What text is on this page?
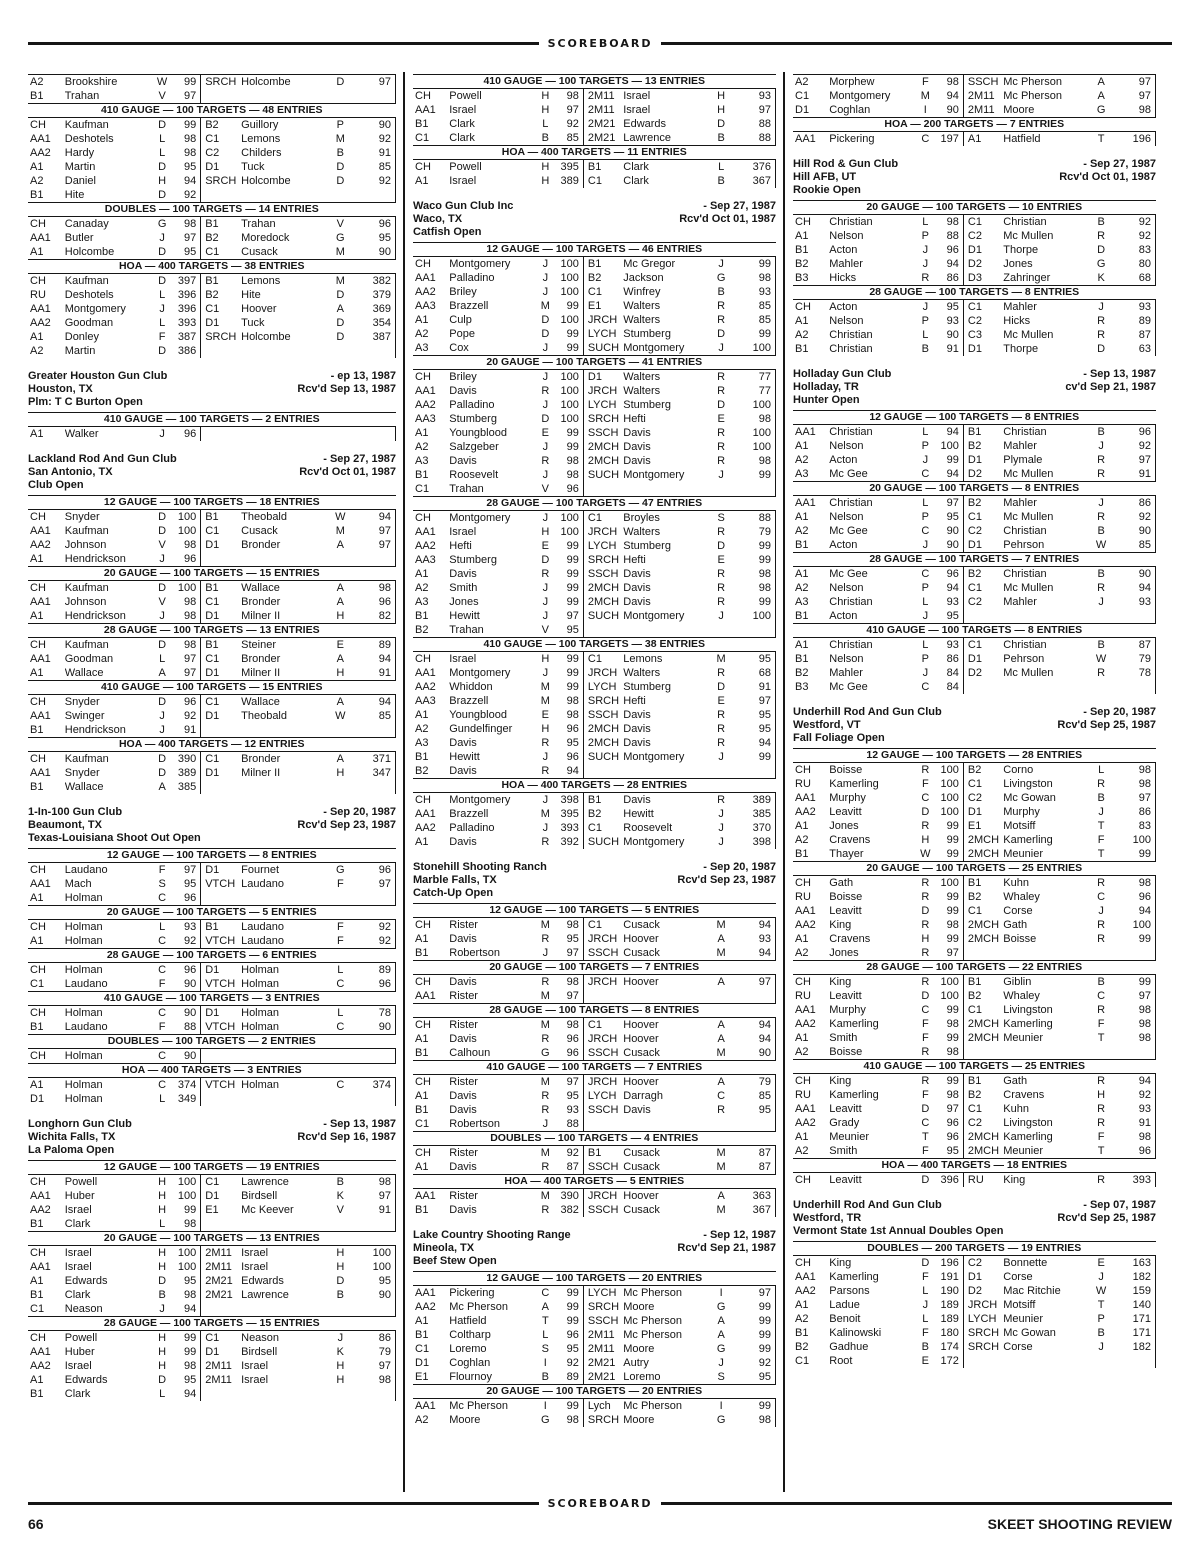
SCOREBOARD
A2	Brookshire	W	99	SRCH	Holcombe	D	97
B1	Trahan	V	97				
410 GAUGE — 100 TARGETS — 48 ENTRIES							
CH	Kaufman	D	99	B2	Guillory	P	90
AA1	Deshotels	L	98	C1	Lemons	M	92
AA2	Hardy	L	98	C2	Childers	B	91
A1	Martin	D	95	D1	Tuck	D	85
A2	Daniel	H	94	SRCH	Holcombe	D	92
B1	Hite	D	92				
DOUBLES — 100 TARGETS — 14 ENTRIES							
CH	Canaday	G	98	B1	Trahan	V	96
AA1	Butler	J	97	B2	Moredock	G	95
A1	Holcombe	D	95	C1	Cusack	M	90
HOA — 400 TARGETS — 38 ENTRIES							
CH	Kaufman	D	397	B1	Lemons	M	382
RU	Deshotels	L	396	B2	Hite	D	379
AA1	Montgomery	J	396	C1	Hoover	A	369
AA2	Goodman	L	393	D1	Tuck	D	354
A1	Donley	F	387	SRCH	Holcombe	D	387
A2	Martin	D	386				
Greater Houston Gun Club	- ep 13, 1987
Houston, TX	Rcv'd Sep 13, 1987
Plm: T C Burton Open
410 GAUGE — 100 TARGETS — 2 ENTRIES
A1	Walker	J	96				
Lackland Rod And Gun Club	- Sep 27, 1987
San Antonio, TX	Rcv'd Oct 01, 1987
Club Open
12 GAUGE — 100 TARGETS — 18 ENTRIES							
CH	Snyder	D	100	B1	Theobald	W	94
AA1	Kaufman	D	100	C1	Cusack	M	97
AA2	Johnson	V	98	D1	Bronder	A	97
A1	Hendrickson	J	96				
20 GAUGE — 100 TARGETS — 15 ENTRIES							
CH	Kaufman	D	100	B1	Wallace	A	98
AA1	Johnson	V	98	C1	Bronder	A	96
A1	Hendrickson	J	98	D1	Milner II	H	82
28 GAUGE — 100 TARGETS — 13 ENTRIES							
CH	Kaufman	D	98	B1	Steiner	E	89
AA1	Goodman	L	97	C1	Bronder	A	94
A1	Wallace	A	97	D1	Milner II	H	91
410 GAUGE — 100 TARGETS — 15 ENTRIES							
CH	Snyder	D	96	C1	Wallace	A	94
AA1	Swinger	J	92	D1	Theobald	W	85
B1	Hendrickson	J	91				
HOA — 400 TARGETS — 12 ENTRIES							
CH	Kaufman	D	390	C1	Bronder	A	371
AA1	Snyder	D	389	D1	Milner II	H	347
B1	Wallace	A	385				
1-In-100 Gun Club	- Sep 20, 1987
Beaumont, TX	Rcv'd Sep 23, 1987
Texas-Louisiana Shoot Out Open
12 GAUGE — 100 TARGETS — 8 ENTRIES							
CH	Laudano	F	97	D1	Fournet	G	96
AA1	Mach	S	95	VTCH	Laudano	F	97
A1	Holman	C	96				
20 GAUGE — 100 TARGETS — 5 ENTRIES							
CH	Holman	L	93	B1	Laudano	F	92
A1	Holman	C	92	VTCH	Laudano	F	92
28 GAUGE — 100 TARGETS — 6 ENTRIES							
CH	Holman	C	96	D1	Holman	L	89
C1	Laudano	F	90	VTCH	Holman	C	96
410 GAUGE — 100 TARGETS — 3 ENTRIES							
CH	Holman	C	90	D1	Holman	L	78
B1	Laudano	F	88	VTCH	Holman	C	90
DOUBLES — 100 TARGETS — 2 ENTRIES							
CH	Holman	C	90				
HOA — 400 TARGETS — 3 ENTRIES							
A1	Holman	C	374	VTCH	Holman	C	374
D1	Holman	L	349				
Longhorn Gun Club	- Sep 13, 1987
Wichita Falls, TX	Rcv'd Sep 16, 1987
La Paloma Open
12 GAUGE — 100 TARGETS — 19 ENTRIES							
CH	Powell	H	100	C1	Lawrence	B	98
AA1	Huber	H	100	D1	Birdsell	K	97
AA2	Israel	H	99	E1	Mc Keever	V	91
B1	Clark	L	98				
20 GAUGE — 100 TARGETS — 13 ENTRIES							
CH	Israel	H	100	2M11	Israel	H	100
AA1	Israel	H	100	2M11	Israel	H	100
A1	Edwards	D	95	2M21	Edwards	D	95
B1	Clark	B	98	2M21	Lawrence	B	90
C1	Neason	J	94				
28 GAUGE — 100 TARGETS — 15 ENTRIES							
CH	Powell	H	99	C1	Neason	J	86
AA1	Huber	H	99	D1	Birdsell	K	79
AA2	Israel	H	98	2M11	Israel	H	97
A1	Edwards	D	95	2M11	Israel	H	98
B1	Clark	L	94				
410 GAUGE — 100 TARGETS — 13 ENTRIES							
CH	Powell	H	98	2M11	Israel	H	93
AA1	Israel	H	97	2M11	Israel	H	97
B1	Clark	L	92	2M21	Edwards	D	88
C1	Clark	B	85	2M21	Lawrence	B	88
HOA — 400 TARGETS — 11 ENTRIES							
CH	Powell	H	395	B1	Clark	L	376
A1	Israel	H	389	C1	Clark	B	367
Waco Gun Club Inc	- Sep 27, 1987
Waco, TX	Rcv'd Oct 01, 1987
Catfish Open
12 GAUGE — 100 TARGETS — 46 ENTRIES							
CH	Montgomery	J	100	B1	Mc Gregor	J	99
AA1	Palladino	J	100	B2	Jackson	G	98
AA2	Briley	J	100	C1	Winfrey	B	93
AA3	Brazzell	M	99	E1	Walters	R	85
A1	Culp	D	100	JRCH	Walters	R	85
A2	Pope	D	99	LYCH	Stumberg	D	99
A3	Cox	J	99	SUCH	Montgomery	J	100
20 GAUGE — 100 TARGETS — 41 ENTRIES							
CH	Briley	J	100	D1	Walters	R	77
AA1	Davis	R	100	JRCH	Walters	R	77
AA2	Palladino	J	100	LYCH	Stumberg	D	100
AA3	Stumberg	D	100	SRCH	Hefti	E	98
A1	Youngblood	E	99	SSCH	Davis	R	100
A2	Salzgeber	J	99	2MCH	Davis	R	100
A3	Davis	R	98	2MCH	Davis	R	98
B1	Roosevelt	J	98	SUCH	Montgomery	J	99
C1	Trahan	V	96				
28 GAUGE — 100 TARGETS — 47 ENTRIES							
CH	Montgomery	J	100	C1	Broyles	S	88
AA1	Israel	H	100	JRCH	Walters	R	79
AA2	Hefti	E	99	LYCH	Stumberg	D	99
AA3	Stumberg	D	99	SRCH	Hefti	E	99
A1	Davis	R	99	SSCH	Davis	R	98
A2	Smith	J	99	2MCH	Davis	R	98
A3	Jones	J	99	2MCH	Davis	R	99
B1	Hewitt	J	97	SUCH	Montgomery	J	100
B2	Trahan	V	95				
410 GAUGE — 100 TARGETS — 38 ENTRIES							
CH	Israel	H	99	C1	Lemons	M	95
AA1	Montgomery	J	99	JRCH	Walters	R	68
AA2	Whiddon	M	99	LYCH	Stumberg	D	91
AA3	Brazzell	M	98	SRCH	Hefti	E	97
A1	Youngblood	E	98	SSCH	Davis	R	95
A2	Gundelfinger	H	96	2MCH	Davis	R	95
A3	Davis	R	95	2MCH	Davis	R	94
B1	Hewitt	J	96	SUCH	Montgomery	J	99
B2	Davis	R	94				
HOA — 400 TARGETS — 28 ENTRIES							
CH	Montgomery	J	398	B1	Davis	R	389
AA1	Brazzell	M	395	B2	Hewitt	J	385
AA2	Palladino	J	393	C1	Roosevelt	J	370
A1	Davis	R	392	SUCH	Montgomery	J	398
Stonehill Shooting Ranch	- Sep 20, 1987
Marble Falls, TX	Rcv'd Sep 23, 1987
Catch-Up Open
12 GAUGE — 100 TARGETS — 5 ENTRIES							
CH	Rister	M	98	C1	Cusack	M	94
A1	Davis	R	95	JRCH	Hoover	A	93
B1	Robertson	J	97	SSCH	Cusack	M	94
20 GAUGE — 100 TARGETS — 7 ENTRIES							
CH	Davis	R	98	JRCH	Hoover	A	97
AA1	Rister	M	97				
28 GAUGE — 100 TARGETS — 8 ENTRIES							
CH	Rister	M	98	C1	Hoover	A	94
A1	Davis	R	96	JRCH	Hoover	A	94
B1	Calhoun	G	96	SSCH	Cusack	M	90
410 GAUGE — 100 TARGETS — 7 ENTRIES							
CH	Rister	M	97	JRCH	Hoover	A	79
A1	Davis	R	95	LYCH	Darragh	C	85
B1	Davis	R	93	SSCH	Davis	R	95
C1	Robertson	J	88				
DOUBLES — 100 TARGETS — 4 ENTRIES							
CH	Rister	M	92	B1	Cusack	M	87
A1	Davis	R	87	SSCH	Cusack	M	87
HOA — 400 TARGETS — 5 ENTRIES							
AA1	Rister	M	390	JRCH	Hoover	A	363
B1	Davis	R	382	SSCH	Cusack	M	367
Lake Country Shooting Range	- Sep 12, 1987
Mineola, TX	Rcv'd Sep 21, 1987
Beef Stew Open
12 GAUGE — 100 TARGETS — 20 ENTRIES							
AA1	Pickering	C	99	LYCH	Mc Pherson	I	97
AA2	Mc Pherson	A	99	SRCH	Moore	G	99
A1	Hatfield	T	99	SSCH	Mc Pherson	A	99
B1	Coltharp	L	96	2M11	Mc Pherson	A	99
C1	Loremo	S	95	2M11	Moore	G	99
D1	Coghlan	I	92	2M21	Autry	J	92
E1	Flournoy	B	89	2M21	Loremo	S	95
20 GAUGE — 100 TARGETS — 20 ENTRIES							
AA1	Mc Pherson	I	99	Lych	Mc Pherson	I	99
A2	Moore	G	98	SRCH	Moore	G	98
A2	Morphew	F	98	SSCH	Mc Pherson	A	97
C1	Montgomery	M	94	2M11	Mc Pherson	A	97
D1	Coghlan	I	90	2M11	Moore	G	98
HOA — 200 TARGETS — 7 ENTRIES							
AA1	Pickering	C	197	A1	Hatfield	T	196
Hill Rod & Gun Club	- Sep 27, 1987
Hill AFB, UT	Rcv'd Oct 01, 1987
Rookie Open
20 GAUGE — 100 TARGETS — 10 ENTRIES							
CH	Christian	L	98	C1	Christian	B	92
A1	Nelson	P	88	C2	Mc Mullen	R	92
B1	Acton	J	96	D1	Thorpe	D	83
B2	Mahler	J	94	D2	Jones	G	80
B3	Hicks	R	86	D3	Zahringer	K	68
28 GAUGE — 100 TARGETS — 8 ENTRIES							
CH	Acton	J	95	C1	Mahler	J	93
A1	Nelson	P	93	C2	Hicks	R	89
A2	Christian	L	90	C3	Mc Mullen	R	87
B1	Christian	B	91	D1	Thorpe	D	63
Holladay Gun Club	- Sep 13, 1987
Holladay, TR	cv'd Sep 21, 1987
Hunter Open
12 GAUGE — 100 TARGETS — 8 ENTRIES							
AA1	Christian	L	94	B1	Christian	B	96
A1	Nelson	P	100	B2	Mahler	J	92
A2	Acton	J	99	D1	Plymale	R	97
A3	Mc Gee	C	94	D2	Mc Mullen	R	91
20 GAUGE — 100 TARGETS — 8 ENTRIES							
AA1	Christian	L	97	B2	Mahler	J	86
A1	Nelson	P	95	C1	Mc Mullen	R	92
A2	Mc Gee	C	90	C2	Christian	B	90
B1	Acton	J	90	D1	Pehrson	W	85
28 GAUGE — 100 TARGETS — 7 ENTRIES							
A1	Mc Gee	C	96	B2	Christian	B	90
A2	Nelson	P	94	C1	Mc Mullen	R	94
A3	Christian	L	93	C2	Mahler	J	93
B1	Acton	J	95				
410 GAUGE — 100 TARGETS — 8 ENTRIES							
A1	Christian	L	93	C1	Christian	B	87
B1	Nelson	P	86	D1	Pehrson	W	79
B2	Mahler	J	84	D2	Mc Mullen	R	78
B3	Mc Gee	C	84				
Underhill Rod And Gun Club	- Sep 20, 1987
Westford, VT	Rcv'd Sep 25, 1987
Fall Foliage Open
12 GAUGE — 100 TARGETS — 28 ENTRIES							
CH	Boisse	R	100	B2	Corno	L	98
RU	Kamerling	F	100	C1	Livingston	R	98
AA1	Murphy	C	100	C2	Mc Gowan	B	97
AA2	Leavitt	D	100	D1	Murphy	J	86
A1	Jones	R	99	E1	Motsiff	T	83
A2	Cravens	H	99	2MCH	Kamerling	F	100
B1	Thayer	W	99	2MCH	Meunier	T	99
20 GAUGE — 100 TARGETS — 25 ENTRIES							
CH	Gath	R	100	B1	Kuhn	R	98
RU	Boisse	R	99	B2	Whaley	C	96
AA1	Leavitt	D	99	C1	Corse	J	94
AA2	King	R	98	2MCH	Gath	R	100
A1	Cravens	H	99	2MCH	Boisse	R	99
A2	Jones	R	97				
28 GAUGE — 100 TARGETS — 22 ENTRIES							
CH	King	R	100	B1	Giblin	B	99
RU	Leavitt	D	100	B2	Whaley	C	97
AA1	Murphy	C	99	C1	Livingston	R	98
AA2	Kamerling	F	98	2MCH	Kamerling	F	98
A1	Smith	F	99	2MCH	Meunier	T	98
A2	Boisse	R	98				
410 GAUGE — 100 TARGETS — 25 ENTRIES							
CH	King	R	99	B1	Gath	R	94
RU	Kamerling	F	98	B2	Cravens	H	92
AA1	Leavitt	D	97	C1	Kuhn	R	93
AA2	Grady	C	96	C2	Livingston	R	91
A1	Meunier	T	96	2MCH	Kamerling	F	98
A2	Smith	F	95	2MCH	Meunier	T	96
HOA — 400 TARGETS — 18 ENTRIES							
CH	Leavitt	D	396	RU	King	R	393
Underhill Rod And Gun Club	- Sep 07, 1987
Westford, TR	Rcv'd Sep 25, 1987
Vermont State 1st Annual Doubles Open
DOUBLES — 200 TARGETS — 19 ENTRIES							
CH	King	D	196	C2	Bonnette	E	163
AA1	Kamerling	F	191	D1	Corse	J	182
AA2	Parsons	L	190	D2	Mac Ritchie	W	159
A1	Ladue	J	189	JRCH	Motsiff	T	140
A2	Benoit	L	189	LYCH	Meunier	P	171
B1	Kalinowski	F	180	SRCH	Mc Gowan	B	171
B2	Gadhue	B	174	SRCH	Corse	J	182
C1	Root	E	172				
SCOREBOARD
66	SKEET SHOOTING REVIEW
